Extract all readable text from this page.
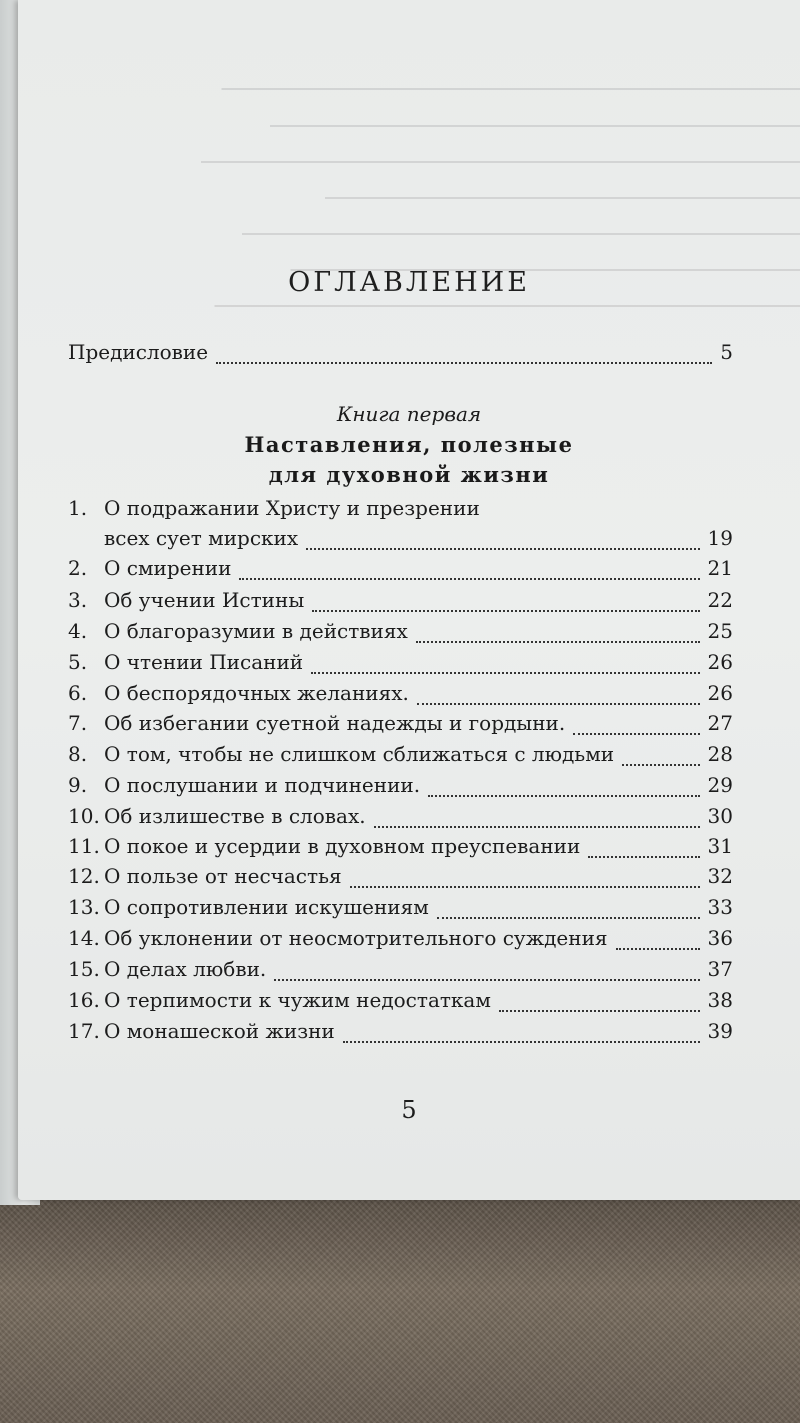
ОГЛАВЛЕНИЕ
Предисловие	5
Книга первая
Наставления, полезные
для духовной жизни
1. О подражании Христу и презрении
всех сует мирских	19
2. О смирении	21
3. Об учении Истины	22
4. О благоразумии в действиях	25
5. О чтении Писаний	26
6. О беспорядочных желаниях.	26
7. Об избегании суетной надежды и гордыни.	27
8. О том, чтобы не слишком сближаться с людьми	28
9. О послушании и подчинении.	29
10. Об излишестве в словах.	30
11. О покое и усердии в духовном преуспевании	31
12. О пользе от несчастья	32
13. О сопротивлении искушениям	33
14. Об уклонении от неосмотрительного суждения	36
15. О делах любви.	37
16. О терпимости к чужим недостаткам	38
17. О монашеской жизни	39
5
